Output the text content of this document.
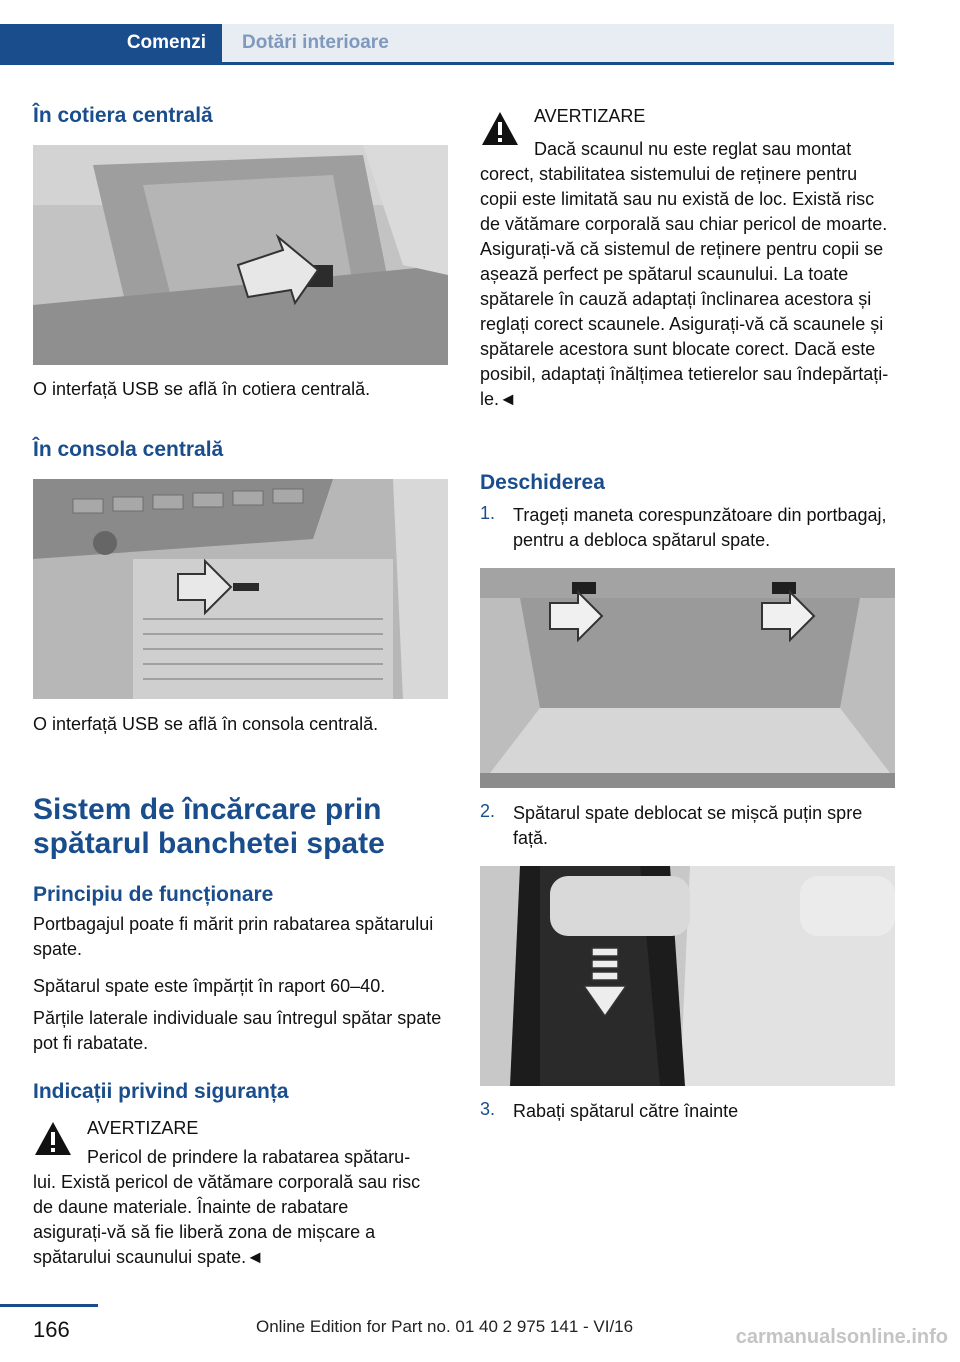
Comenzi	Dotări interioare
În cotiera centrală
O interfață USB se află în cotiera centrală.
În consola centrală
O interfață USB se află în consola centrală.
Sistem de încărcare prin spătarul banchetei spate
Principiu de funcționare
Portbagajul poate fi mărit prin rabatarea spătarului spate.
Spătarul spate este împărțit în raport 60–40.
Părțile laterale individuale sau întregul spătar spate pot fi rabatate.
Indicații privind siguranța
AVERTIZARE
Pericol de prindere la rabatarea spătaru‐
lui. Există pericol de vătămare corporală sau risc de daune materiale. Înainte de rabatare asigurați‑vă să fie liberă zona de mișcare a spătarului scaunului spate.◄
AVERTIZARE
Dacă scaunul nu este reglat sau montat
corect, stabilitatea sistemului de reținere pentru copii este limitată sau nu există de loc. Există risc de vătămare corporală sau chiar pericol de moarte. Asigurați‑vă că sistemul de reținere pentru copii se așează perfect pe spătarul scaunului. La toate spătarele în cauză adaptați înclinarea acestora și reglați corect scaunele. Asigurați‑vă că scaunele și spătarele acestora sunt blocate corect. Dacă este posibil, adaptați înălțimea tetierelor sau îndepărtați-le.◄
Deschiderea
1. Trageți maneta corespunzătoare din portbagaj, pentru a debloca spătarul spate.
2. Spătarul spate deblocat se mișcă puțin spre față.
3. Rabați spătarul către înainte
166	Online Edition for Part no. 01 40 2 975 141 - VI/16	carmanualsonline.info
